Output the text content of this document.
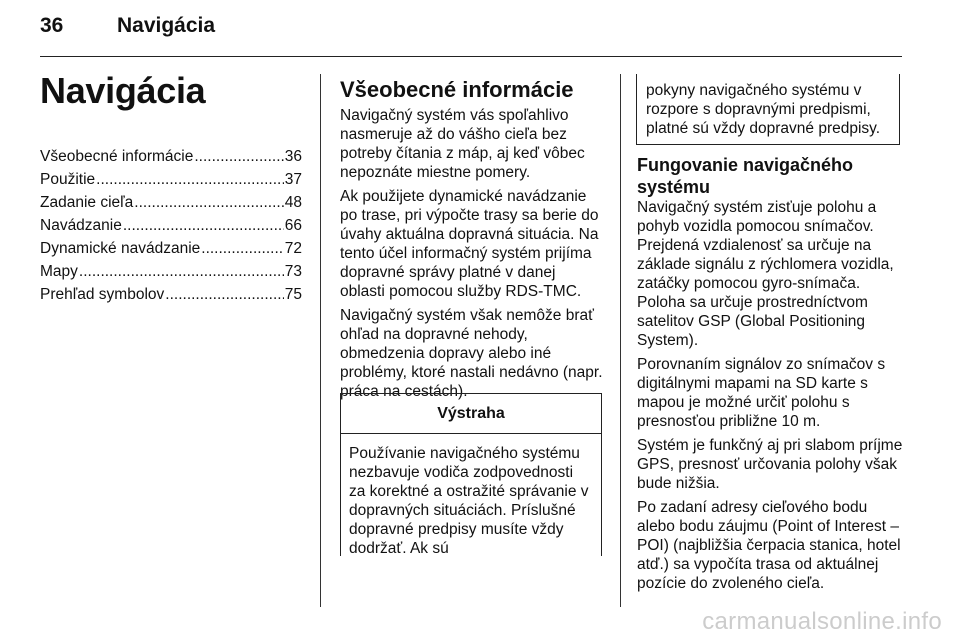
36	Navigácia
Navigácia
Všeobecné informácie .....	36
Použitie .....	37
Zadanie cieľa .....	48
Navádzanie .....	66
Dynamické navádzanie .....	72
Mapy .....	73
Prehľad symbolov .....	75
Všeobecné informácie

Navigačný systém vás spoľahlivo nasmeruje až do vášho cieľa bez potreby čítania z máp, aj keď vôbec nepoznáte miestne pomery.

Ak použijete dynamické navádzanie po trase, pri výpočte trasy sa berie do úvahy aktuálna dopravná situácia. Na tento účel informačný systém prijíma dopravné správy platné v danej oblasti pomocou služby RDS-TMC.

Navigačný systém však nemôže brať ohľad na dopravné nehody, obmedzenia dopravy alebo iné problémy, ktoré nastali nedávno (napr. práca na cestách).

Výstraha
Používanie navigačného systému nezbavuje vodiča zodpovednosti za korektné a ostražité správanie v dopravných situáciách. Príslušné dopravné predpisy musíte vždy dodržať. Ak sú
pokyny navigačného systému v rozpore s dopravnými predpismi, platné sú vždy dopravné predpisy.
Fungovanie navigačného systému

Navigačný systém zisťuje polohu a pohyb vozidla pomocou snímačov. Prejdená vzdialenosť sa určuje na základe signálu z rýchlomera vozidla, zatáčky pomocou gyro-snímača. Poloha sa určuje prostredníctvom satelitov GSP (Global Positioning System).

Porovnaním signálov zo snímačov s digitálnymi mapami na SD karte s mapou je možné určiť polohu s presnosťou približne 10 m.

Systém je funkčný aj pri slabom príjme GPS, presnosť určovania polohy však bude nižšia.

Po zadaní adresy cieľového bodu alebo bodu záujmu (Point of Interest – POI) (najbližšia čerpacia stanica, hotel atď.) sa vypočíta trasa od aktuálnej pozície do zvoleného cieľa.

carmanualsonline.info
